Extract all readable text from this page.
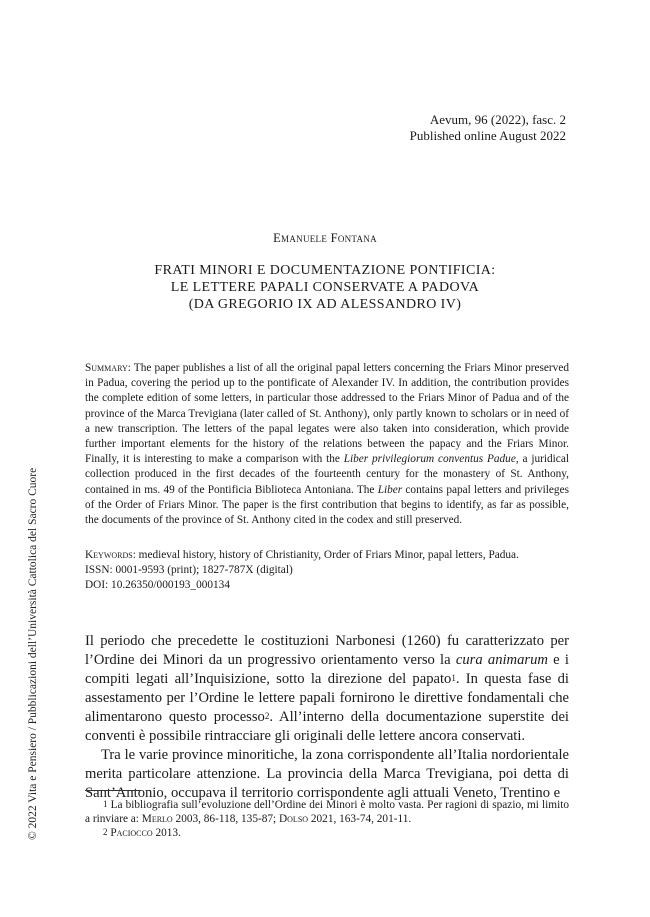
© 2022 Vita e Pensiero / Pubblicazioni dell’Università Cattolica del Sacro Cuore
Aevum, 96 (2022), fasc. 2
Published online August 2022
Emanuele Fontana
FRATI MINORI E DOCUMENTAZIONE PONTIFICIA:
LE LETTERE PAPALI CONSERVATE A PADOVA
(DA GREGORIO IX AD ALESSANDRO IV)
Summary: The paper publishes a list of all the original papal letters concerning the Friars Minor preserved in Padua, covering the period up to the pontificate of Alexander IV. In addition, the contribution provides the complete edition of some letters, in particular those addressed to the Friars Minor of Padua and of the province of the Marca Trevigiana (later called of St. Anthony), only partly known to scholars or in need of a new transcription. The letters of the papal legates were also taken into consideration, which provide further important elements for the history of the relations between the papacy and the Friars Minor. Finally, it is interesting to make a comparison with the Liber privilegiorum conventus Padue, a juridical collection produced in the first decades of the fourteenth century for the monastery of St. Anthony, contained in ms. 49 of the Pontificia Biblioteca Antoniana. The Liber contains papal letters and privileges of the Order of Friars Minor. The paper is the first contribution that begins to identify, as far as possible, the documents of the province of St. Anthony cited in the codex and still preserved.
Keywords: medieval history, history of Christianity, Order of Friars Minor, papal letters, Padua.
ISSN: 0001-9593 (print); 1827-787X (digital)
DOI: 10.26350/000193_000134

Il periodo che precedette le costituzioni Narbonesi (1260) fu caratterizzato per l’Ordine dei Minori da un progressivo orientamento verso la cura animarum e i compiti legati all’Inquisizione, sotto la direzione del papato$^1$. In questa fase di assestamento per l’Ordine le lettere papali fornirono le direttive fondamentali che alimentarono questo processo$^2$. All’interno della documentazione superstite dei conventi è possibile rintracciare gli originali delle lettere ancora conservati.

Tra le varie province minoritiche, la zona corrispondente all’Italia nordorientale merita particolare attenzione. La provincia della Marca Trevigiana, poi detta di Sant’Antonio, occupava il territorio corrispondente agli attuali Veneto, Trentino e

$^1$ La bibliografia sull’evoluzione dell’Ordine dei Minori è molto vasta. Per ragioni di spazio, mi limito a rinviare a: Merlo 2003, 86-118, 135-87; Dolso 2021, 163-74, 201-11.

$^2$ Paciocco 2013.
